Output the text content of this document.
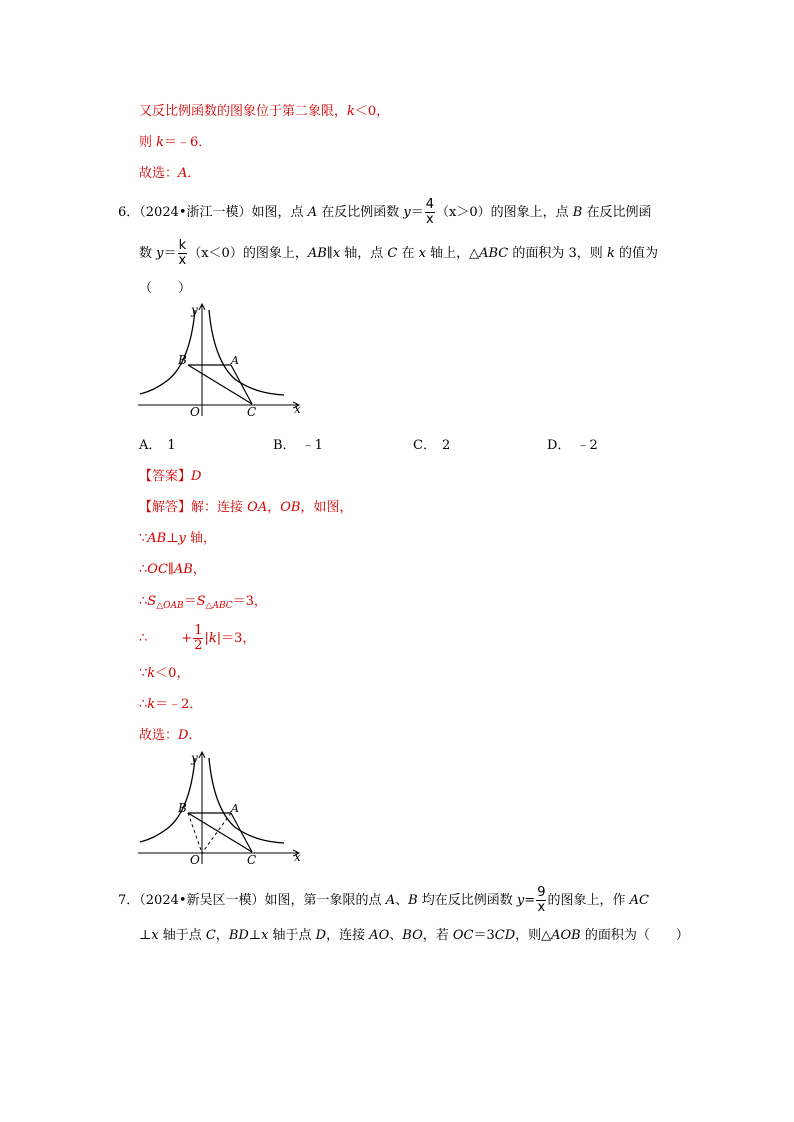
又反比例函数的图象位于第二象限，k＜0，
则 k＝﹣6．
故选：A．
6．（2024•浙江一模）如图，点 A 在反比例函数 $y= \frac{4}{x} (x>0)$的图象上，点 B 在反比例函
数 $y= \frac{k}{x} (x<0)$的图象上，AB∥x 轴，点 C 在 x 轴上，△ABC 的面积为 3，则 k 的值为
（　　）
y
x
O
B	A
C
A． 1	B． ﹣1	C． 2	D． ﹣2
【答案】D
【解答】解：连接 OA，OB，如图，
∵AB⊥y 轴，
∴OC∥AB，
$\therefore S_{\triangle OAB}=S_{\triangle ABC}=3$，
∴	+ $\frac{1}{2} |k|=3$，
∵k＜0，
∴k＝﹣2．
故选：D．
y
x
O
B	A
C
7．（2024•新吴区一模）如图，第一象限的点 A、B 均在反比例函数 $y= \frac{9}{x}$ 的图象上，作 AC
⊥x 轴于点 C，BD⊥x 轴于点 D，连接 AO、BO，若 OC＝3CD，则△AOB 的面积为（　　）
